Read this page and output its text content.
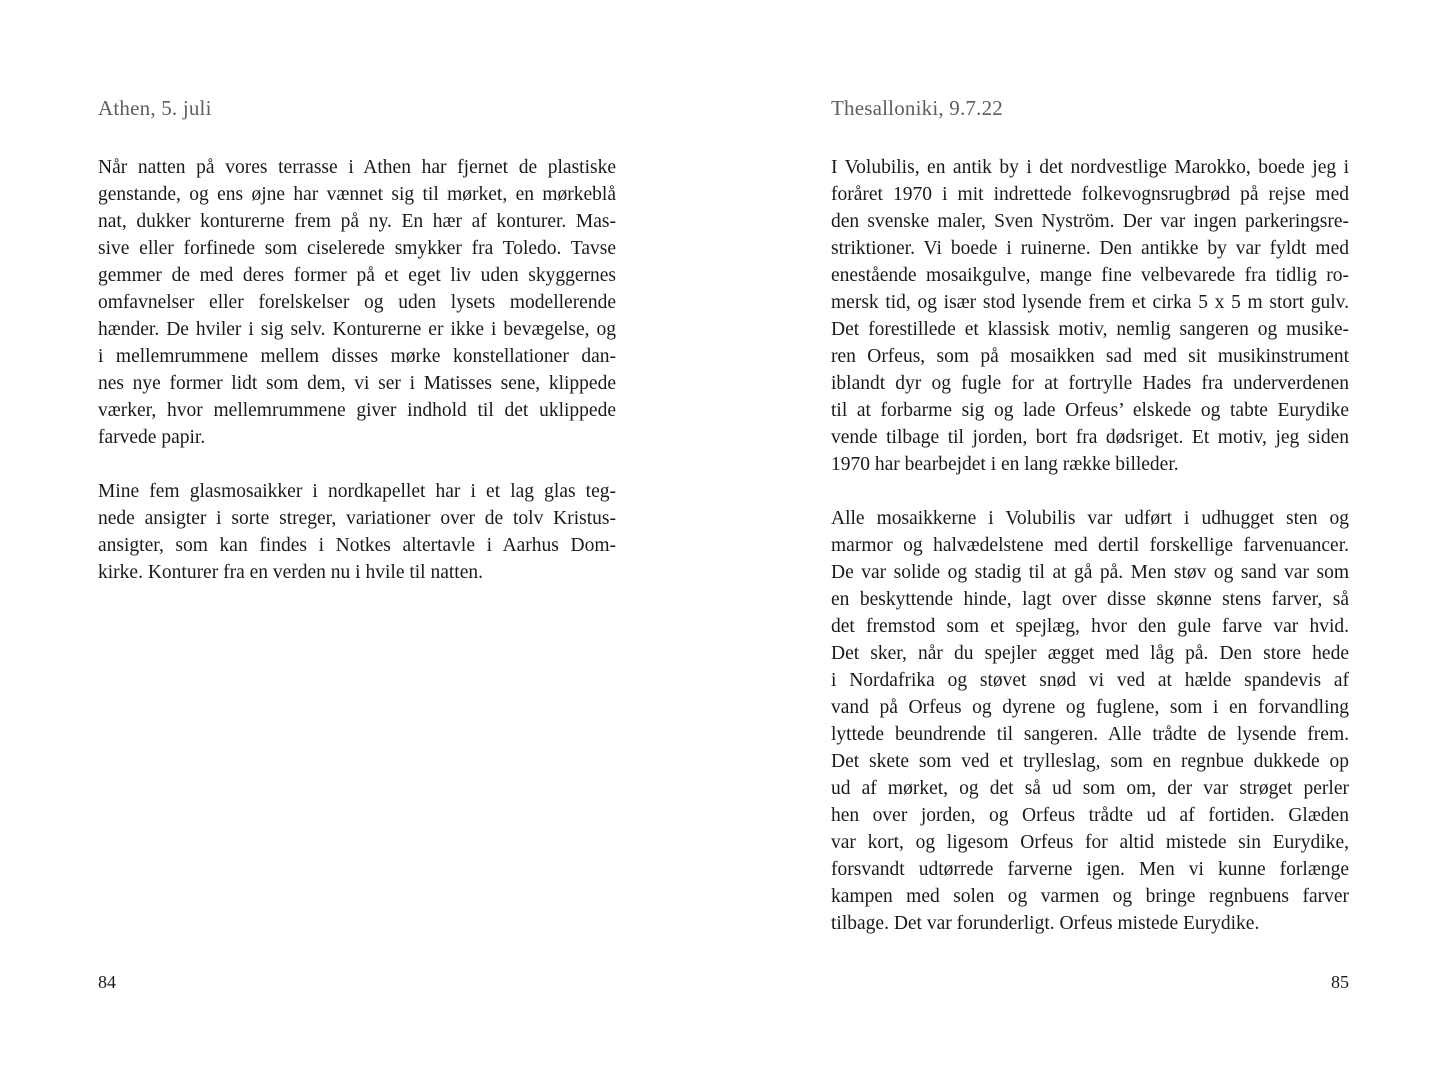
Athen, 5. juli
Når natten på vores terrasse i Athen har fjernet de plastiske
genstande, og ens øjne har vænnet sig til mørket, en mørkeblå
nat, dukker konturerne frem på ny. En hær af konturer. Mas-
sive eller forfinede som ciselerede smykker fra Toledo. Tavse
gemmer de med deres former på et eget liv uden skyggernes
omfavnelser eller forelskelser og uden lysets modellerende
hænder. De hviler i sig selv. Konturerne er ikke i bevægelse, og
i mellemrummene mellem disses mørke konstellationer dan-
nes nye former lidt som dem, vi ser i Matisses sene, klippede
værker, hvor mellemrummene giver indhold til det uklippede
farvede papir.
Mine fem glasmosaikker i nordkapellet har i et lag glas teg-
nede ansigter i sorte streger, variationer over de tolv Kristus-
ansigter, som kan findes i Notkes altertavle i Aarhus Dom-
kirke. Konturer fra en verden nu i hvile til natten.
84
Thesalloniki, 9.7.22
I Volubilis, en antik by i det nordvestlige Marokko, boede jeg i
foråret 1970 i mit indrettede folkevognsrugbrød på rejse med
den svenske maler, Sven Nyström. Der var ingen parkeringsre-
striktioner. Vi boede i ruinerne. Den antikke by var fyldt med
enestående mosaikgulve, mange fine velbevarede fra tidlig ro-
mersk tid, og især stod lysende frem et cirka 5 x 5 m stort gulv.
Det forestillede et klassisk motiv, nemlig sangeren og musike-
ren Orfeus, som på mosaikken sad med sit musikinstrument
iblandt dyr og fugle for at fortrylle Hades fra underverdenen
til at forbarme sig og lade Orfeus’ elskede og tabte Eurydike
vende tilbage til jorden, bort fra dødsriget. Et motiv, jeg siden
1970 har bearbejdet i en lang række billeder.
Alle mosaikkerne i Volubilis var udført i udhugget sten og
marmor og halvædelstene med dertil forskellige farvenuancer.
De var solide og stadig til at gå på. Men støv og sand var som
en beskyttende hinde, lagt over disse skønne stens farver, så
det fremstod som et spejlæg, hvor den gule farve var hvid.
Det sker, når du spejler ægget med låg på. Den store hede
i Nordafrika og støvet snød vi ved at hælde spandevis af
vand på Orfeus og dyrene og fuglene, som i en forvandling
lyttede beundrende til sangeren. Alle trådte de lysende frem.
Det skete som ved et trylleslag, som en regnbue dukkede op
ud af mørket, og det så ud som om, der var strøget perler
hen over jorden, og Orfeus trådte ud af fortiden. Glæden
var kort, og ligesom Orfeus for altid mistede sin Eurydike,
forsvandt udtørrede farverne igen. Men vi kunne forlænge
kampen med solen og varmen og bringe regnbuens farver
tilbage. Det var forunderligt. Orfeus mistede Eurydike.
85
